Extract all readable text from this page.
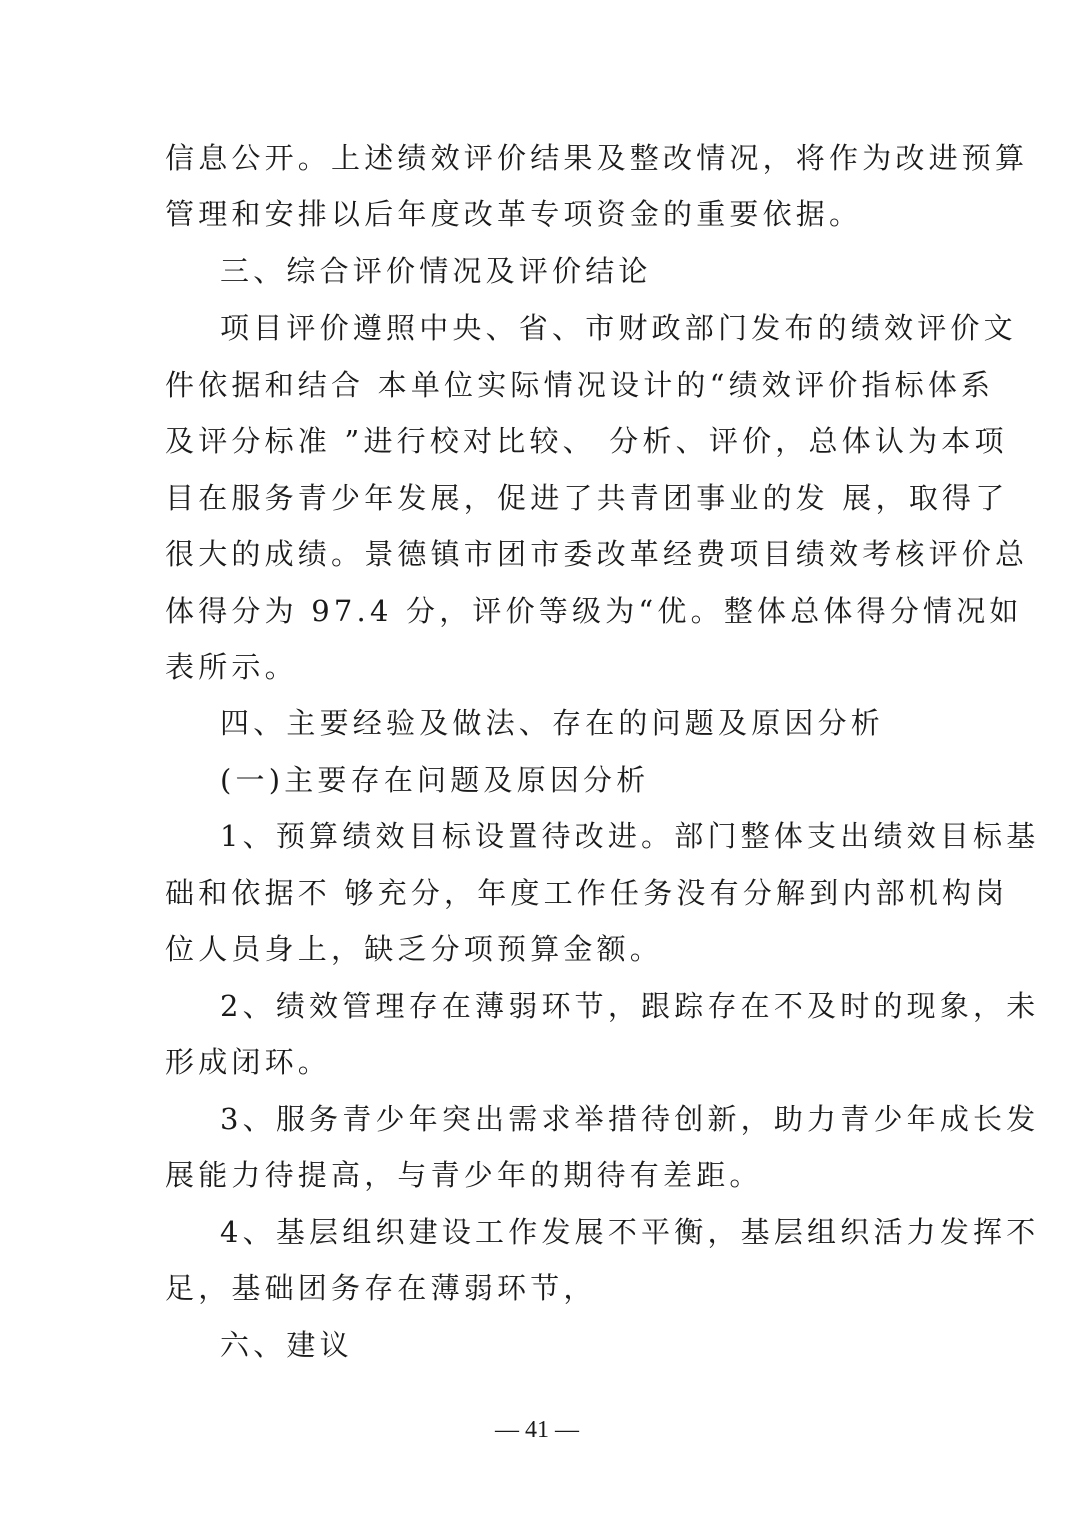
信息公开。上述绩效评价结果及整改情况，将作为改进预算
管理和安排以后年度改革专项资金的重要依据。
三、综合评价情况及评价结论
项目评价遵照中央、省、市财政部门发布的绩效评价文
件依据和结合 本单位实际情况设计的“绩效评价指标体系
及评分标准 ”进行校对比较、 分析、评价，总体认为本项
目在服务青少年发展，促进了共青团事业的发 展，取得了
很大的成绩。景德镇市团市委改革经费项目绩效考核评价总
体得分为 97.4 分，评价等级为“优。整体总体得分情况如
表所示。
四、主要经验及做法、存在的问题及原因分析
(一)主要存在问题及原因分析
1、预算绩效目标设置待改进。部门整体支出绩效目标基
础和依据不 够充分，年度工作任务没有分解到内部机构岗
位人员身上，缺乏分项预算金额。
2、绩效管理存在薄弱环节，跟踪存在不及时的现象，未
形成闭环。
3、服务青少年突出需求举措待创新，助力青少年成长发
展能力待提高，与青少年的期待有差距。
4、基层组织建设工作发展不平衡，基层组织活力发挥不
足，基础团务存在薄弱环节，
六、建议
— 41 —
